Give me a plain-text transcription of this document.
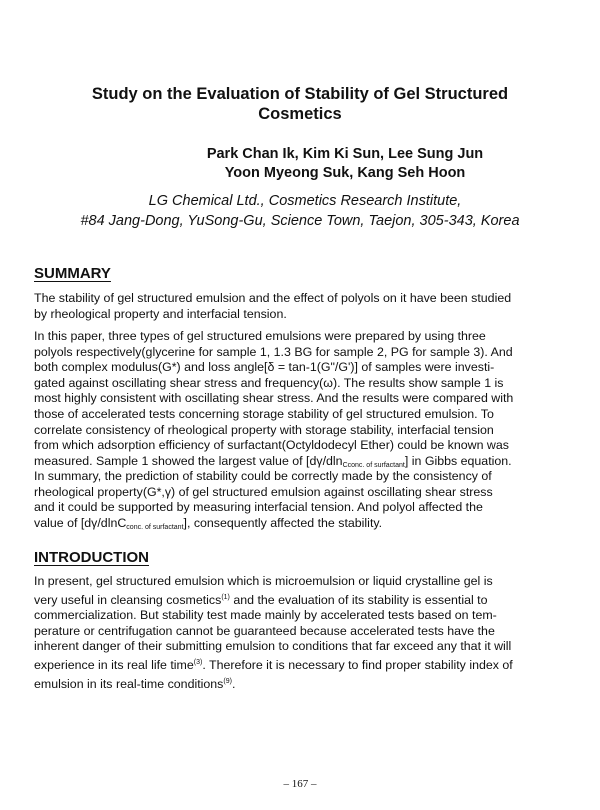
Study on the Evaluation of Stability of Gel Structured
Cosmetics
Park Chan Ik, Kim Ki Sun, Lee Sung Jun
Yoon Myeong Suk, Kang Seh Hoon
LG Chemical Ltd., Cosmetics Research Institute,
#84 Jang-Dong, YuSong-Gu, Science Town, Taejon, 305-343, Korea
SUMMARY
The stability of gel structured emulsion and the effect of polyols on it have been studied
by rheological property and interfacial tension.
In this paper, three types of gel structured emulsions were prepared by using three
polyols respectively(glycerine for sample 1, 1.3 BG for sample 2, PG for sample 3). And
both complex modulus(G*) and loss angle[δ = tan-1(G"/G')] of samples were investi-
gated against oscillating shear stress and frequency(ω). The results show sample 1 is
most highly consistent with oscillating shear stress. And the results were compared with
those of accelerated tests concerning storage stability of gel structured emulsion. To
correlate consistency of rheological property with storage stability, interfacial tension
from which adsorption efficiency of surfactant(Octyldodecyl Ether) could be known was
measured. Sample 1 showed the largest value of [dγ/dln$_{Cconc. of surfactant}$] in Gibbs equation.
In summary, the prediction of stability could be correctly made by the consistency of
rheological property(G*,γ) of gel structured emulsion against oscillating shear stress
and it could be supported by measuring interfacial tension. And polyol affected the
value of [dγ/dlnC$_{conc. of surfactant}$], consequently affected the stability.
INTRODUCTION
In present, gel structured emulsion which is microemulsion or liquid crystalline gel is
very useful in cleansing cosmetics$^{(1)}$ and the evaluation of its stability is essential to
commercialization. But stability test made mainly by accelerated tests based on tem-
perature or centrifugation cannot be guaranteed because accelerated tests have the
inherent danger of their submitting emulsion to conditions that far exceed any that it will
experience in its real life time$^{(3)}$. Therefore it is necessary to find proper stability index of
emulsion in its real-time conditions$^{(9)}$.
– 167 –
